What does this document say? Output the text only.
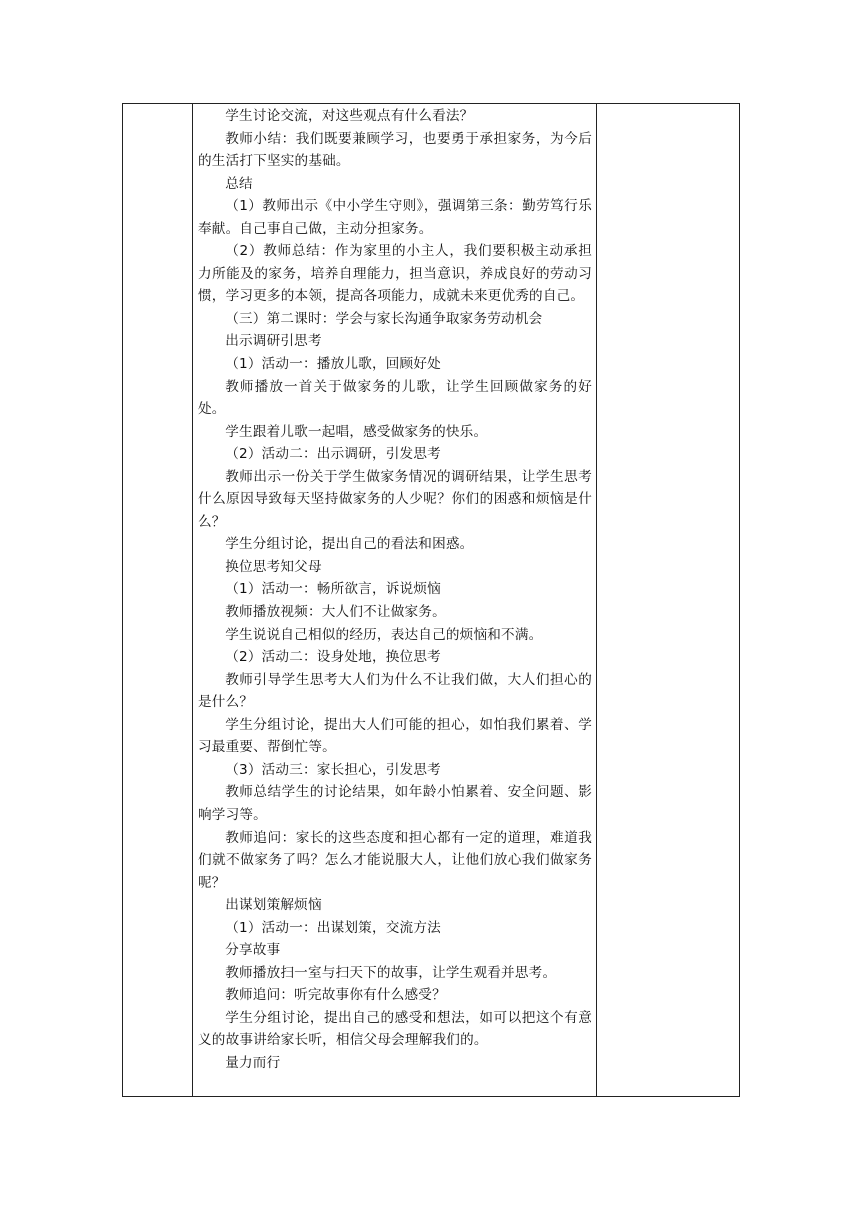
学生讨论交流，对这些观点有什么看法？

教师小结：我们既要兼顾学习，也要勇于承担家务，为今后的生活打下坚实的基础。

总结

（1）教师出示《中小学生守则》，强调第三条：勤劳笃行乐奉献。自己事自己做，主动分担家务。

（2）教师总结：作为家里的小主人，我们要积极主动承担力所能及的家务，培养自理能力，担当意识，养成良好的劳动习惯，学习更多的本领，提高各项能力，成就未来更优秀的自己。

（三）第二课时：学会与家长沟通争取家务劳动机会

出示调研引思考

（1）活动一：播放儿歌，回顾好处

教师播放一首关于做家务的儿歌，让学生回顾做家务的好处。

学生跟着儿歌一起唱，感受做家务的快乐。

（2）活动二：出示调研，引发思考

教师出示一份关于学生做家务情况的调研结果，让学生思考什么原因导致每天坚持做家务的人少呢？你们的困惑和烦恼是什么？

学生分组讨论，提出自己的看法和困惑。

换位思考知父母

（1）活动一：畅所欲言，诉说烦恼

教师播放视频：大人们不让做家务。

学生说说自己相似的经历，表达自己的烦恼和不满。

（2）活动二：设身处地，换位思考

教师引导学生思考大人们为什么不让我们做，大人们担心的是什么？

学生分组讨论，提出大人们可能的担心，如怕我们累着、学习最重要、帮倒忙等。

（3）活动三：家长担心，引发思考

教师总结学生的讨论结果，如年龄小怕累着、安全问题、影响学习等。

教师追问：家长的这些态度和担心都有一定的道理，难道我们就不做家务了吗？怎么才能说服大人，让他们放心我们做家务呢？

出谋划策解烦恼

（1）活动一：出谋划策，交流方法

分享故事

教师播放扫一室与扫天下的故事，让学生观看并思考。

教师追问：听完故事你有什么感受？

学生分组讨论，提出自己的感受和想法，如可以把这个有意义的故事讲给家长听，相信父母会理解我们的。

量力而行
